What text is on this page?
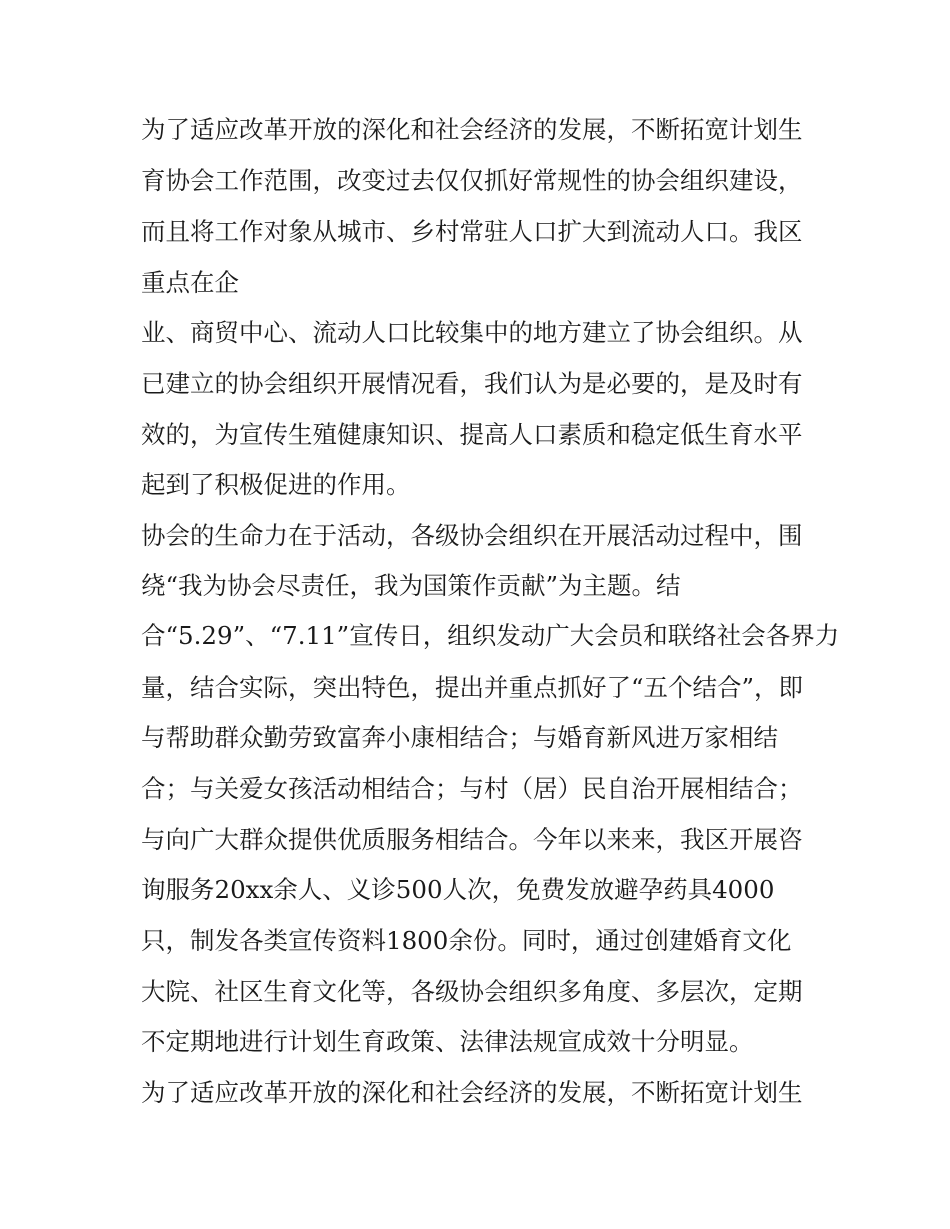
为了适应改革开放的深化和社会经济的发展，不断拓宽计划生

育协会工作范围，改变过去仅仅抓好常规性的协会组织建设，

而且将工作对象从城市、乡村常驻人口扩大到流动人口。我区

重点在企

业、商贸中心、流动人口比较集中的地方建立了协会组织。从

已建立的协会组织开展情况看，我们认为是必要的，是及时有

效的，为宣传生殖健康知识、提高人口素质和稳定低生育水平

起到了积极促进的作用。

协会的生命力在于活动，各级协会组织在开展活动过程中，围

绕“我为协会尽责任，我为国策作贡献”为主题。结

合“5.29”、“7.11”宣传日，组织发动广大会员和联络社会各界力

量，结合实际，突出特色，提出并重点抓好了“五个结合”，即

与帮助群众勤劳致富奔小康相结合；与婚育新风进万家相结

合；与关爱女孩活动相结合；与村（居）民自治开展相结合；

与向广大群众提供优质服务相结合。今年以来来，我区开展咨

询服务20xx余人、义诊500人次，免费发放避孕药具4000

只，制发各类宣传资料1800余份。同时，通过创建婚育文化

大院、社区生育文化等，各级协会组织多角度、多层次，定期

不定期地进行计划生育政策、法律法规宣成效十分明显。

为了适应改革开放的深化和社会经济的发展，不断拓宽计划生
